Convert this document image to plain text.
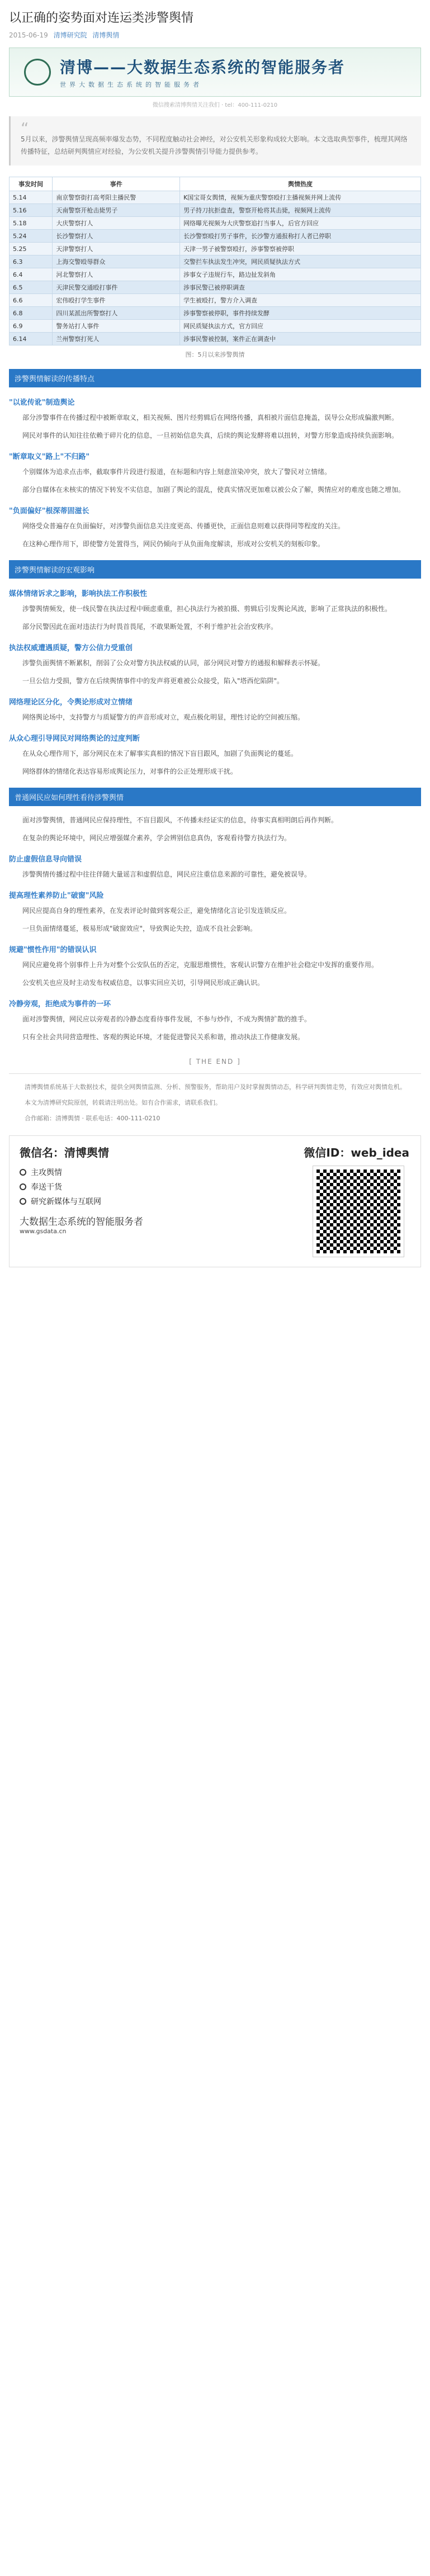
以正确的姿势面对连运类涉警舆情
2015-06-19 清博研究院 清博舆情
清博——大数据生态系统的智能服务者
世界大数据生态系统的智能服务者
微信搜索清博舆情关注我们 · tel：400-111-0210
“
5月以来，涉警舆情呈现高频率爆发态势，不同程度触动社会神经，对公安机关形象构成较大影响。本文选取典型事件，梳理其网络传播特征，总结研判舆情应对经验，为公安机关提升涉警舆情引导能力提供参考。
事发时间	事件	舆情热度
5.14	南京警察街打高考阳主播民警	K国宝哥女舆情，视频为重庆警察殴打主播视频并网上流传
5.16	天南警察开枪击毙男子	男子持刀抗拒盘查，警察开枪将其击毙，视频网上流传
5.18	大庆警察打人	网络曝光视频为大庆警察追打当事人，后官方回应
5.24	长沙警察打人	长沙警察殴打男子事件，长沙警方通报称打人者已停职
5.25	天津警察打人	天津一男子被警察殴打，涉事警察被停职
6.3	上海交警殴辱群众	交警拦车执法发生冲突，网民质疑执法方式
6.4	河北警察打人	涉事女子违规行车，路边扯发斜角
6.5	天津民警交通殴打事件	涉事民警已被停职调查
6.6	宏伟殴打学生事件	学生被殴打，警方介入调查
6.8	四川某派出所警察打人	涉事警察被停职，事件持续发酵
6.9	警务站打人事件	网民质疑执法方式，官方回应
6.14	兰州警察打死人	涉事民警被控制，案件正在调查中
图：5月以来涉警舆情
涉警舆情解读的传播特点
"以讹传讹"制造舆论

部分涉警事件在传播过程中被断章取义，相关视频、图片经剪辑后在网络传播，真相被片面信息掩盖，误导公众形成偏激判断。

网民对事件的认知往往依赖于碎片化的信息，一旦初始信息失真，后续的舆论发酵将难以扭转，对警方形象造成持续负面影响。

"断章取义"路上"不归路"

个别媒体为追求点击率，截取事件片段进行报道，在标题和内容上刻意渲染冲突，放大了警民对立情绪。

部分自媒体在未核实的情况下转发不实信息，加剧了舆论的混乱，使真实情况更加难以被公众了解，舆情应对的难度也随之增加。

"负面偏好"根深蒂固滋长

网络受众普遍存在负面偏好，对涉警负面信息关注度更高、传播更快，正面信息则难以获得同等程度的关注。

在这种心理作用下，即使警方处置得当，网民仍倾向于从负面角度解读，形成对公安机关的刻板印象。

涉警舆情解读的宏观影响
媒体情绪诉求之影响，影响执法工作积极性

涉警舆情频发，使一线民警在执法过程中顾虑重重，担心执法行为被拍摄、剪辑后引发舆论风波，影响了正常执法的积极性。

部分民警因此在面对违法行为时畏首畏尾，不敢果断处置，不利于维护社会治安秩序。

执法权威遭遇质疑，警方公信力受重创

涉警负面舆情不断累积，削弱了公众对警方执法权威的认同，部分网民对警方的通报和解释表示怀疑。

一旦公信力受损，警方在后续舆情事件中的发声将更难被公众接受，陷入"塔西佗陷阱"。

网络理论区分化，令舆论形成对立情绪

网络舆论场中，支持警方与质疑警方的声音形成对立，观点极化明显，理性讨论的空间被压缩。

从众心理引导网民对网络舆论的过度判断

在从众心理作用下，部分网民在未了解事实真相的情况下盲目跟风，加剧了负面舆论的蔓延。

网络群体的情绪化表达容易形成舆论压力，对事件的公正处理形成干扰。

普通网民应如何理性看待涉警舆情

面对涉警舆情，普通网民应保持理性，不盲目跟风，不传播未经证实的信息，待事实真相明朗后再作判断。

在复杂的舆论环境中，网民应增强媒介素养，学会辨别信息真伪，客观看待警方执法行为。

防止虚假信息导向错误

涉警舆情传播过程中往往伴随大量谣言和虚假信息，网民应注重信息来源的可靠性，避免被误导。

提高理性素养防止"破窗"风险

网民应提高自身的理性素养，在发表评论时做到客观公正，避免情绪化言论引发连锁反应。

一旦负面情绪蔓延，极易形成"破窗效应"，导致舆论失控，造成不良社会影响。

规避"惯性作用"的错误认识

网民应避免将个别事件上升为对整个公安队伍的否定，克服思维惯性，客观认识警方在维护社会稳定中发挥的重要作用。

公安机关也应及时主动发布权威信息，以事实回应关切，引导网民形成正确认识。

冷静旁观，拒绝成为事件的一环

面对涉警舆情，网民应以旁观者的冷静态度看待事件发展，不参与炒作，不成为舆情扩散的推手。

只有全社会共同营造理性、客观的舆论环境，才能促进警民关系和谐，推动执法工作健康发展。

[ THE END ]

清博舆情系统基于大数据技术，提供全网舆情监测、分析、预警服务，帮助用户及时掌握舆情动态，科学研判舆情走势，有效应对舆情危机。

本文为清博研究院原创，转载请注明出处。如有合作需求，请联系我们。

合作邮箱：清博舆情 · 联系电话：400-111-0210

微信名：清博舆情	微信ID：web_idea
主攻舆情
奉送干货
研究新媒体与互联网
大数据生态系统的智能服务者
www.gsdata.cn
